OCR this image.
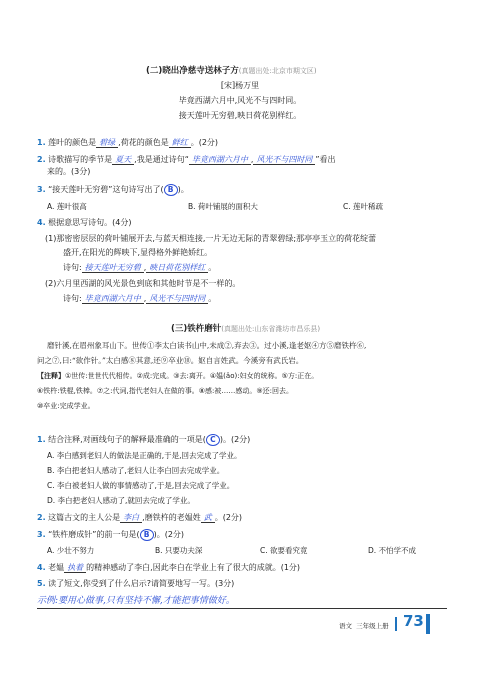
(二)晓出净慈寺送林子方(真题出处:北京市期文区)
[宋]杨万里
毕竟西湖六月中,风光不与四时同。
接天莲叶无穷碧,映日荷花别样红。
1. 莲叶的颜色是 碧绿 ,荷花的颜色是 鲜红 。(2分)
2. 诗歌描写的季节是 夏天 ,我是通过诗句“ 毕竟西湖六月中 , 风光不与四时同 ”看出
来的。(3分)
3. “接天莲叶无穷碧”这句诗写出了( B )。
A. 莲叶很高	B. 荷叶铺展的面积大	C. 莲叶稀疏
4. 根据意思写诗句。(4分)
(1)那密密层层的荷叶铺展开去,与蓝天相连接,一片无边无际的青翠碧绿;那亭亭玉立的荷花绽蕾
盛开,在阳光的辉映下,显得格外鲜艳娇红。
诗句: 接天莲叶无穷碧 , 映日荷花别样红 。
(2)六月里西湖的风光景色到底和其他时节是不一样的。
诗句: 毕竟西湖六月中 , 风光不与四时同 。
(三)铁杵磨针(真题出处:山东省潍坊市昌乐县)
磨针溪,在眉州象耳山下。世传①李太白读书山中,未成②,弃去③。过小溪,逢老妪④方⑤磨铁杵⑥,
问之⑦,曰:“欲作针。”太白感⑧其意,还⑨卒业⑩。妪自言姓武。今溪旁有武氏岩。
【注释】①世传:世世代代相传。②成:完成。③去:离开。④媪(ǎo):妇女的统称。⑤方:正在。
⑥铁杵:铁棍,铁棒。⑦之:代词,指代老妇人在做的事。⑧感:被……感动。⑨还:回去。
⑩卒业:完成学业。
1. 结合注释,对画线句子的解释最准确的一项是( C )。(2分)
A. 李白感到老妇人的做法是正确的,于是,回去完成了学业。
B. 李白把老妇人感动了,老妇人让李白回去完成学业。
C. 李白被老妇人做的事情感动了,于是,回去完成了学业。
D. 李白把老妇人感动了,就回去完成了学业。
2. 这篇古文的主人公是 李白 ,磨铁杵的老媪姓 武 。(2分)
3. “铁杵磨成针”的前一句是( B )。(2分)
A. 少壮不努力	B. 只要功夫深	C. 欲要看究竟	D. 不怕学不成
4. 老媪 执着 的精神感动了李白,因此李白在学业上有了很大的成就。(1分)
5. 读了短文,你受到了什么启示?请简要地写一写。(3分)
示例:要用心做事,只有坚持不懈,才能把事情做好。
语文 三年级上册 73
